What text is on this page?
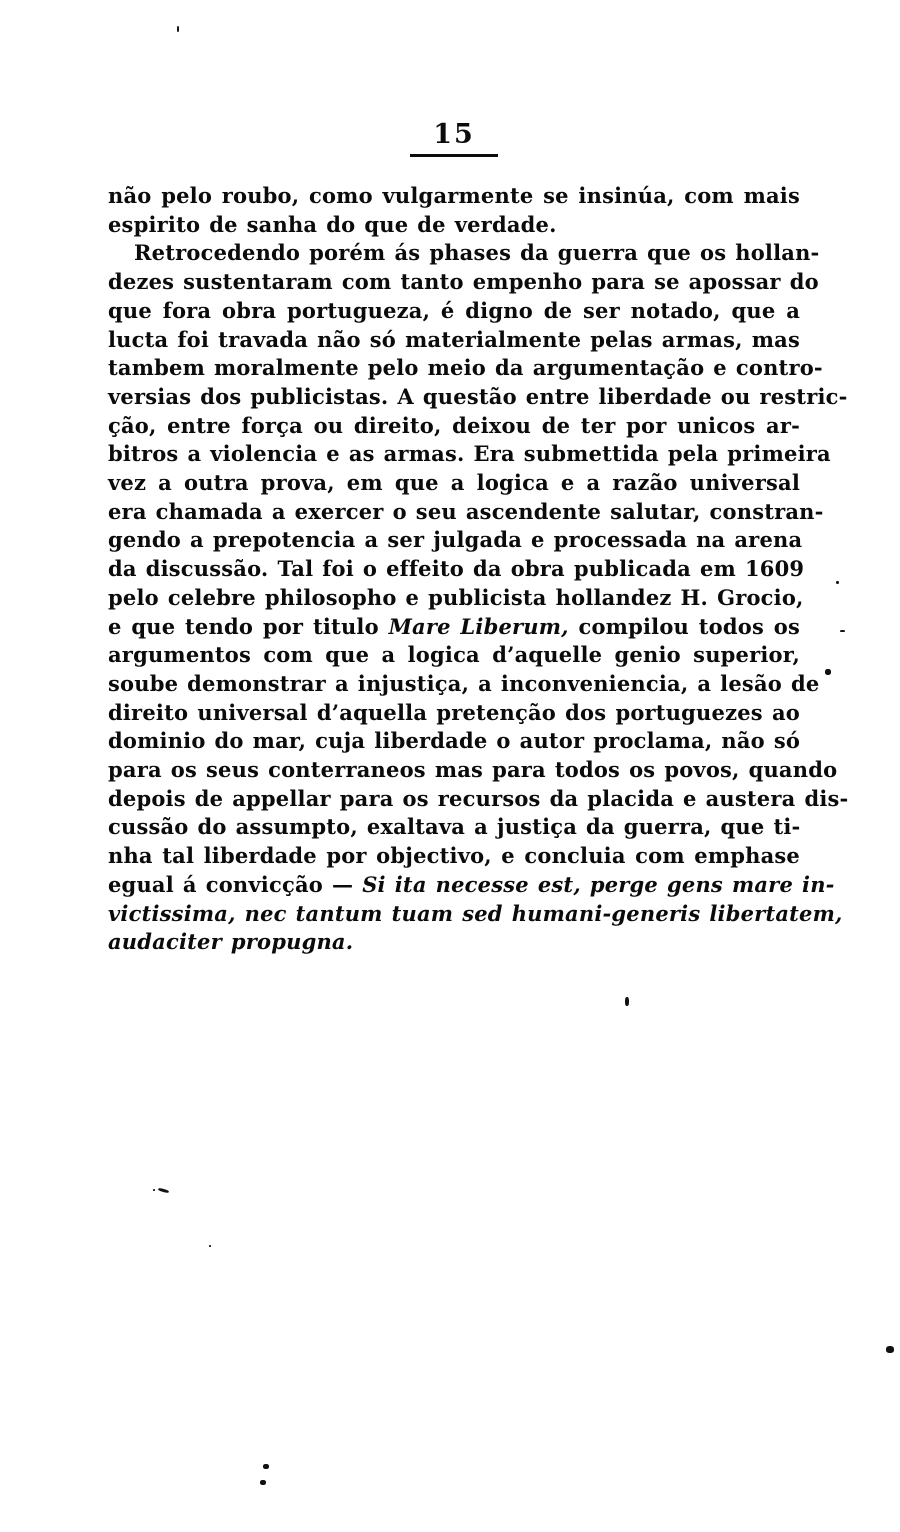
15
não pelo roubo, como vulgarmente se insinúa, com mais
espirito de sanha do que de verdade.
Retrocedendo porém ás phases da guerra que os hollan-
dezes sustentaram com tanto empenho para se apossar do
que fora obra portugueza, é digno de ser notado, que a
lucta foi travada não só materialmente pelas armas, mas
tambem moralmente pelo meio da argumentação e contro-
versias dos publicistas. A questão entre liberdade ou restric-
ção, entre força ou direito, deixou de ter por unicos ar-
bitros a violencia e as armas. Era submettida pela primeira
vez a outra prova, em que a logica e a razão universal
era chamada a exercer o seu ascendente salutar, constran-
gendo a prepotencia a ser julgada e processada na arena
da discussão. Tal foi o effeito da obra publicada em 1609
pelo celebre philosopho e publicista hollandez H. Grocio,
e que tendo por titulo Mare Liberum, compilou todos os
argumentos com que a logica d’aquelle genio superior,
soube demonstrar a injustiça, a inconveniencia, a lesão de
direito universal d’aquella pretenção dos portuguezes ao
dominio do mar, cuja liberdade o autor proclama, não só
para os seus conterraneos mas para todos os povos, quando
depois de appellar para os recursos da placida e austera dis-
cussão do assumpto, exaltava a justiça da guerra, que ti-
nha tal liberdade por objectivo, e concluia com emphase
egual á convicção — Si ita necesse est, perge gens mare in-
victissima, nec tantum tuam sed humani-generis libertatem,
audaciter propugna.
